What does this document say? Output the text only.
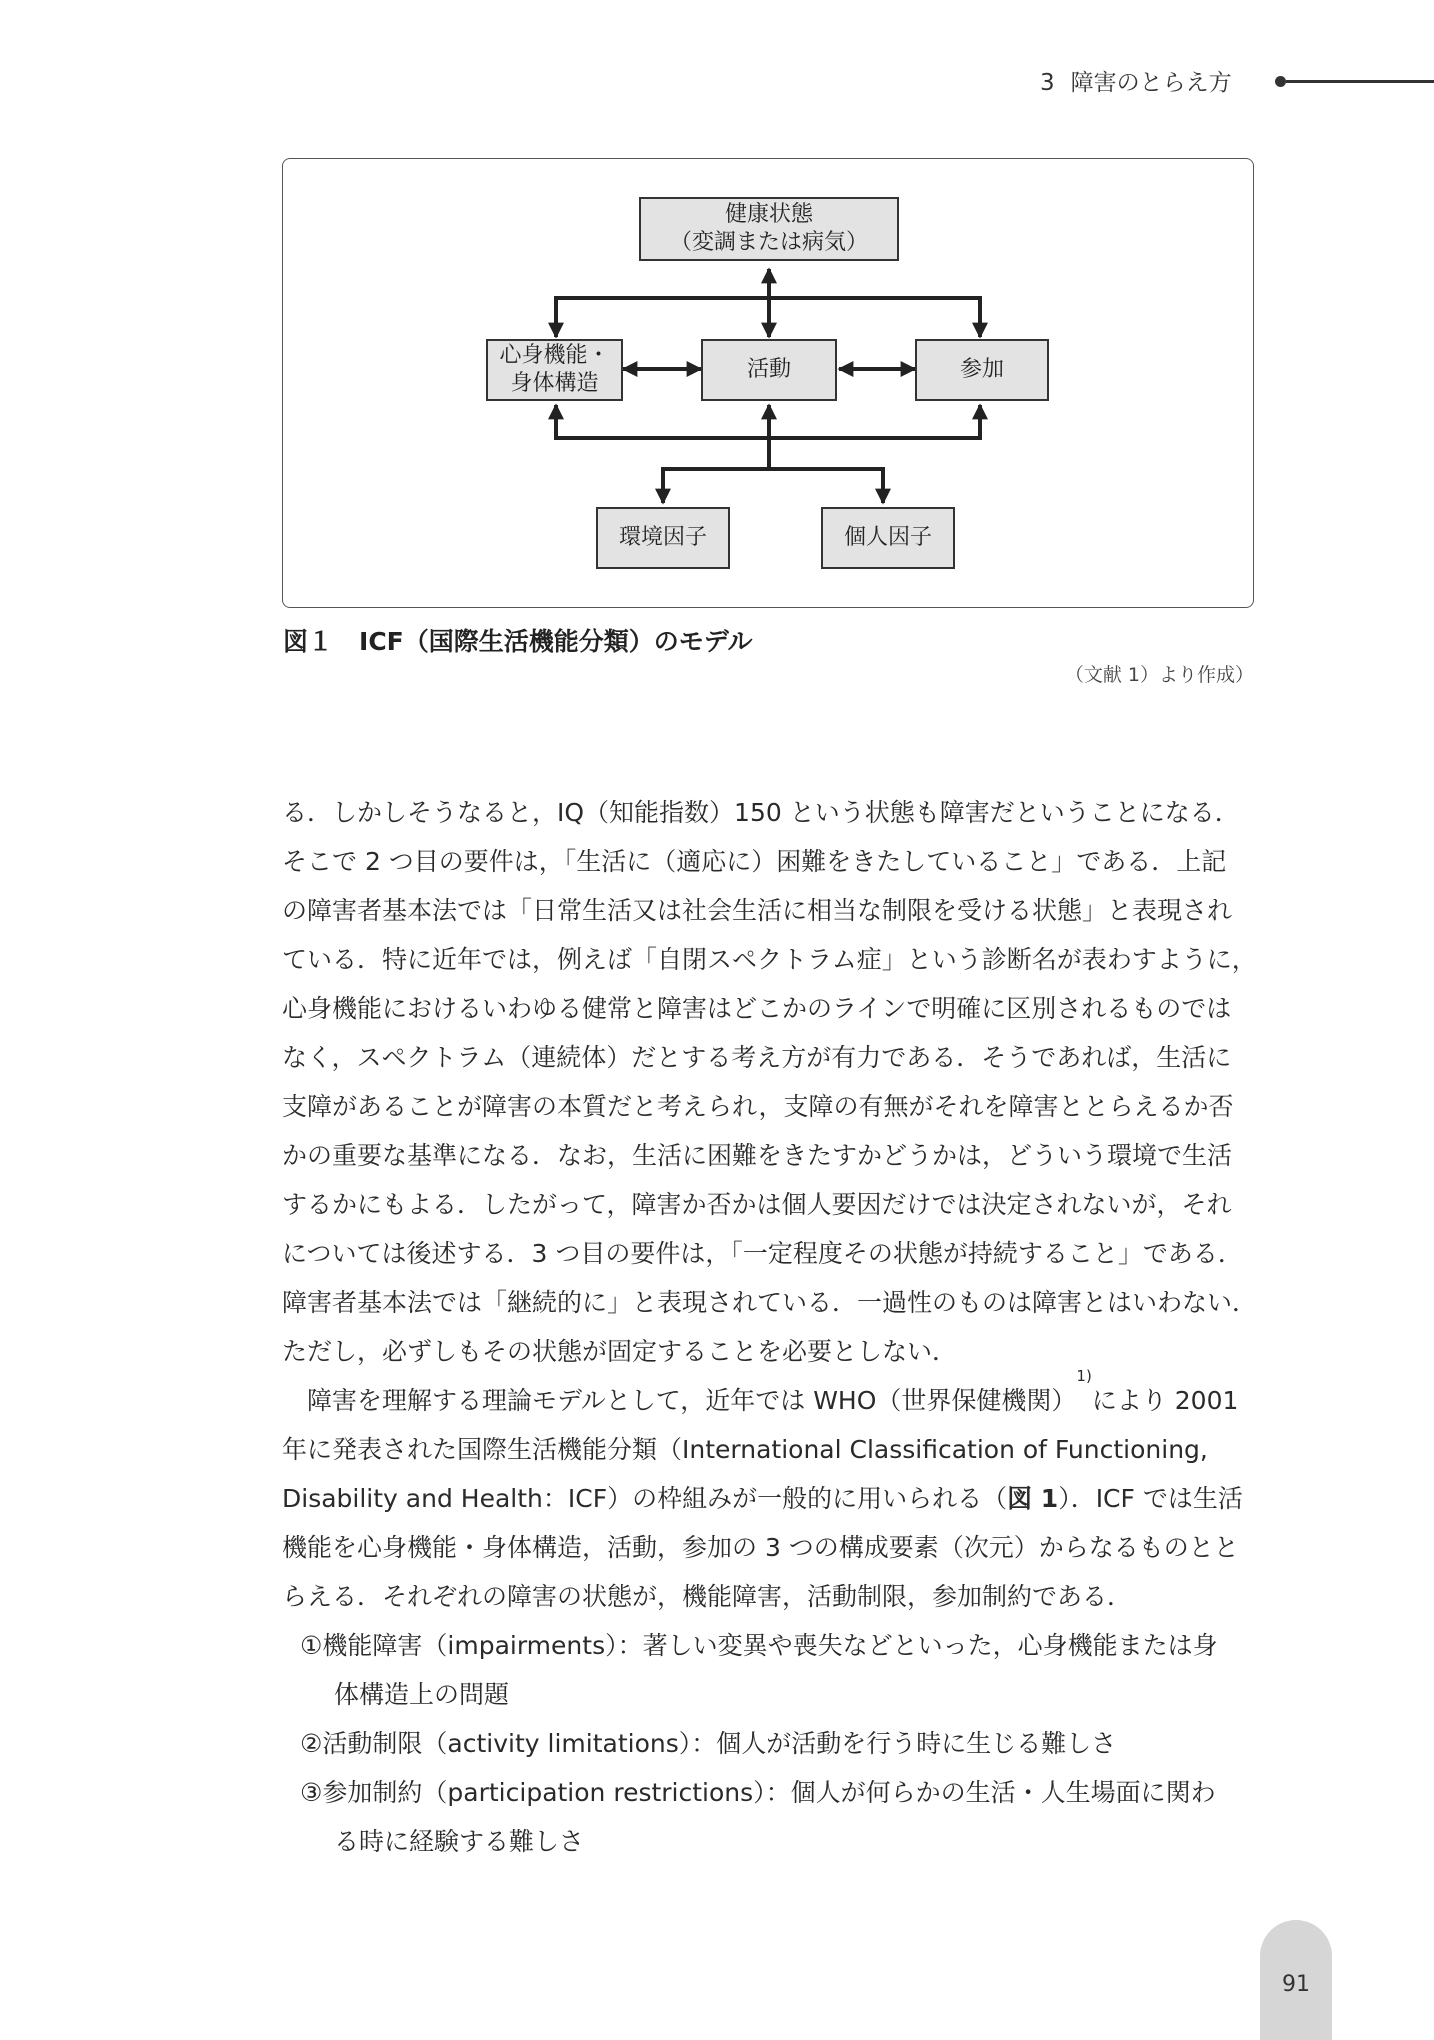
3 障害のとらえ方
健康状態
（変調または病気）
心身機能・
身体構造
活動	参加
環境因子	個人因子
図１ ICF（国際生活機能分類）のモデル
（文献 1）より作成）
る．しかしそうなると，IQ（知能指数）150 という状態も障害だということになる．
そこで 2 つ目の要件は，「生活に（適応に）困難をきたしていること」である．上記
の障害者基本法では「日常生活又は社会生活に相当な制限を受ける状態」と表現され
ている．特に近年では，例えば「自閉スペクトラム症」という診断名が表わすように，
心身機能におけるいわゆる健常と障害はどこかのラインで明確に区別されるものでは
なく，スペクトラム（連続体）だとする考え方が有力である．そうであれば，生活に
支障があることが障害の本質だと考えられ，支障の有無がそれを障害ととらえるか否
かの重要な基準になる．なお，生活に困難をきたすかどうかは，どういう環境で生活
するかにもよる．したがって，障害か否かは個人要因だけでは決定されないが，それ
については後述する．3 つ目の要件は，「一定程度その状態が持続すること」である．
障害者基本法では「継続的に」と表現されている．一過性のものは障害とはいわない．
ただし，必ずしもその状態が固定することを必要としない．
障害を理解する理論モデルとして，近年では WHO（世界保健機関）
1)
により 2001
年に発表された国際生活機能分類（International Classification of Functioning,
Disability and Health：ICF）の枠組みが一般的に用いられる（ 図 1 ）．ICF では生活
機能を心身機能・身体構造，活動，参加の 3 つの構成要素（次元）からなるものとと
らえる．それぞれの障害の状態が，機能障害，活動制限，参加制約である．
①機能障害（impairments）：著しい変異や喪失などといった，心身機能または身
体構造上の問題
②活動制限（activity limitations）：個人が活動を行う時に生じる難しさ
③参加制約（participation restrictions）：個人が何らかの生活・人生場面に関わ
る時に経験する難しさ
91
